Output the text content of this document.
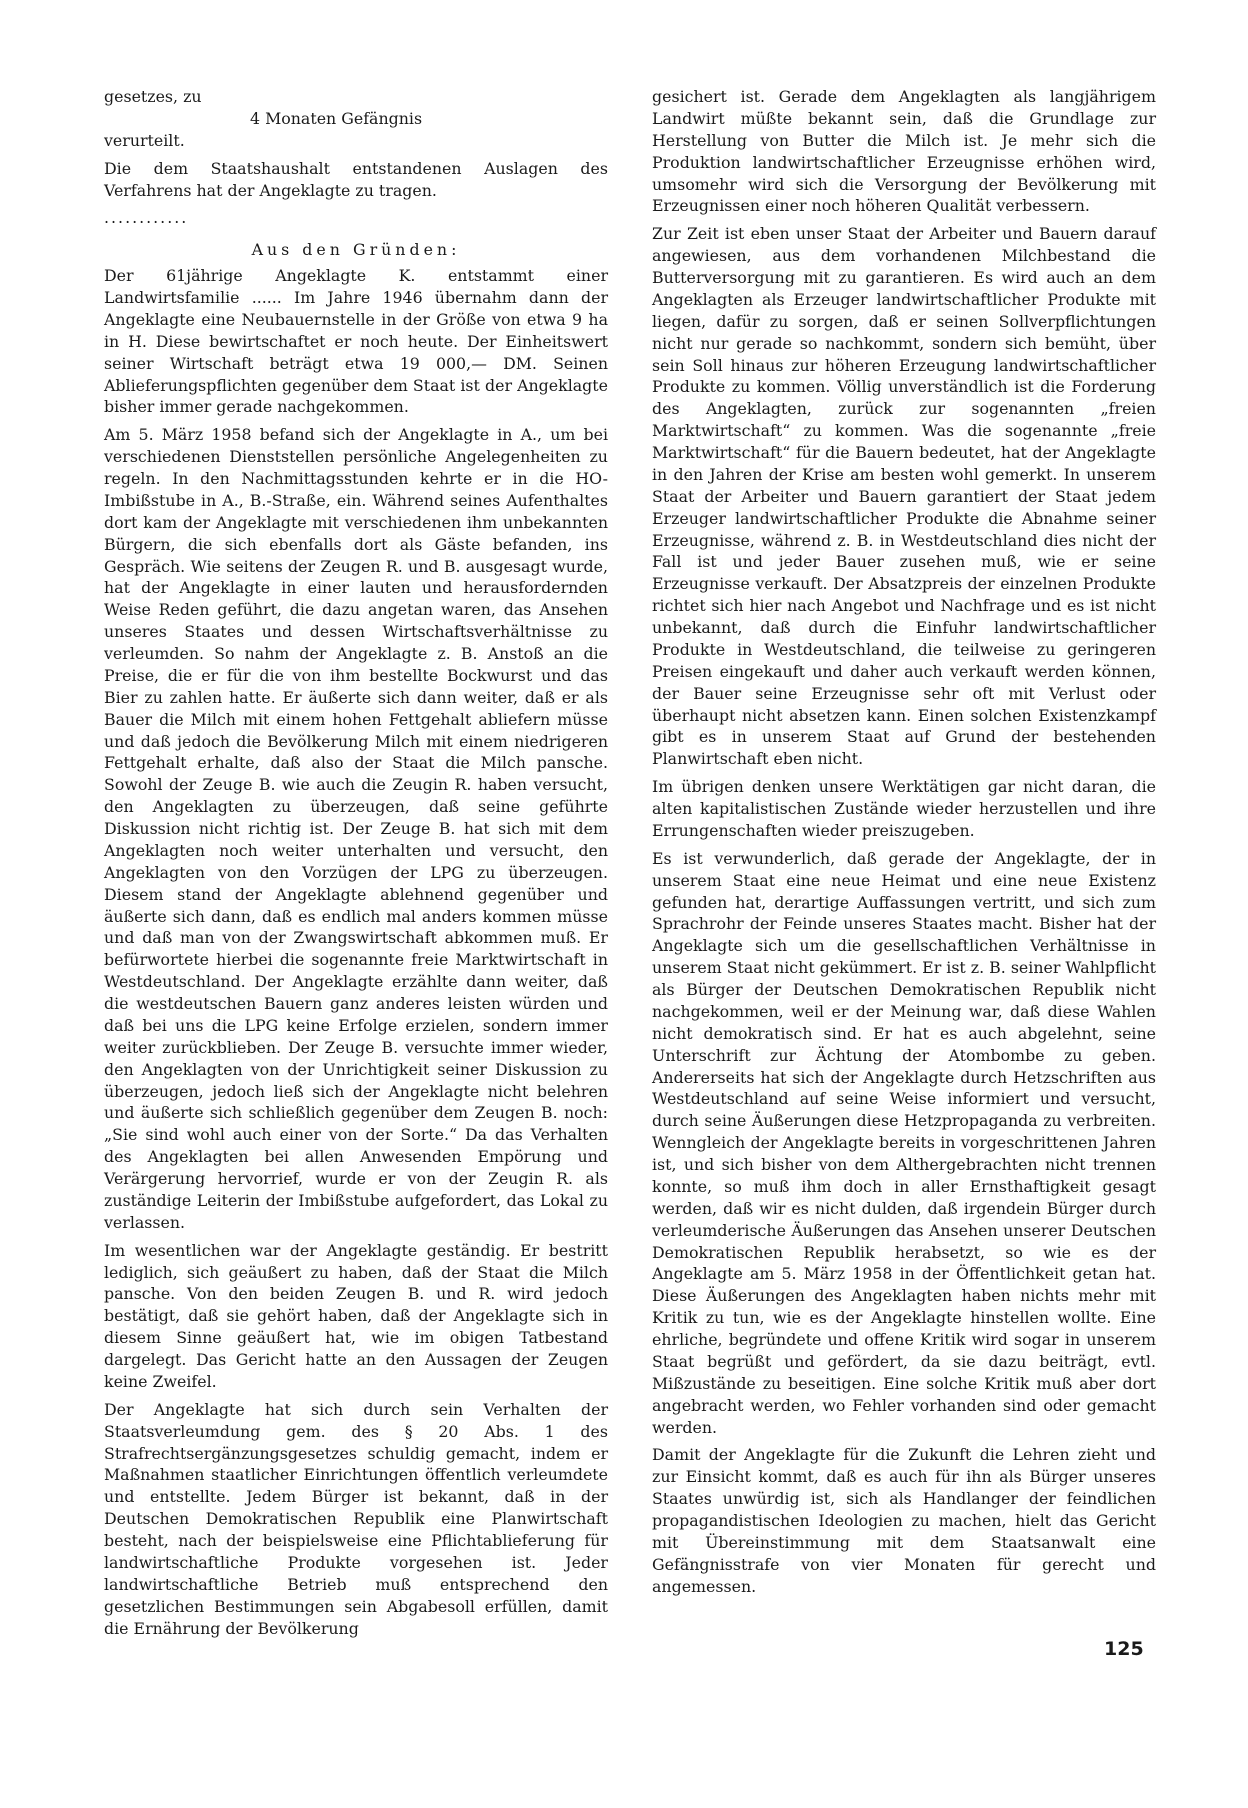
gesetzes, zu

4 Monaten Gefängnis

verurteilt.

Die dem Staatshaushalt entstandenen Auslagen des Verfahrens hat der Angeklagte zu tragen.

............

Aus den Gründen:

Der 61jährige Angeklagte K. entstammt einer Landwirtsfamilie ...... Im Jahre 1946 übernahm dann der Angeklagte eine Neubauernstelle in der Größe von etwa 9 ha in H. Diese bewirtschaftet er noch heute. Der Einheitswert seiner Wirtschaft beträgt etwa 19 000,— DM. Seinen Ablieferungspflichten gegenüber dem Staat ist der Angeklagte bisher immer gerade nachgekommen.

Am 5. März 1958 befand sich der Angeklagte in A., um bei verschiedenen Dienststellen persönliche Angelegenheiten zu regeln. In den Nachmittagsstunden kehrte er in die HO-Imbißstube in A., B.-Straße, ein. Während seines Aufenthaltes dort kam der Angeklagte mit verschiedenen ihm unbekannten Bürgern, die sich ebenfalls dort als Gäste befanden, ins Gespräch. Wie seitens der Zeugen R. und B. ausgesagt wurde, hat der Angeklagte in einer lauten und herausfordernden Weise Reden geführt, die dazu angetan waren, das Ansehen unseres Staates und dessen Wirtschaftsverhältnisse zu verleumden. So nahm der Angeklagte z. B. Anstoß an die Preise, die er für die von ihm bestellte Bockwurst und das Bier zu zahlen hatte. Er äußerte sich dann weiter, daß er als Bauer die Milch mit einem hohen Fettgehalt abliefern müsse und daß jedoch die Bevölkerung Milch mit einem niedrigeren Fettgehalt erhalte, daß also der Staat die Milch pansche. Sowohl der Zeuge B. wie auch die Zeugin R. haben versucht, den Angeklagten zu überzeugen, daß seine geführte Diskussion nicht richtig ist. Der Zeuge B. hat sich mit dem Angeklagten noch weiter unterhalten und versucht, den Angeklagten von den Vorzügen der LPG zu überzeugen. Diesem stand der Angeklagte ablehnend gegenüber und äußerte sich dann, daß es endlich mal anders kommen müsse und daß man von der Zwangswirtschaft abkommen muß. Er befürwortete hierbei die sogenannte freie Marktwirtschaft in Westdeutschland. Der Angeklagte erzählte dann weiter, daß die westdeutschen Bauern ganz anderes leisten würden und daß bei uns die LPG keine Erfolge erzielen, sondern immer weiter zurückblieben. Der Zeuge B. versuchte immer wieder, den Angeklagten von der Unrichtigkeit seiner Diskussion zu überzeugen, jedoch ließ sich der Angeklagte nicht belehren und äußerte sich schließlich gegenüber dem Zeugen B. noch: „Sie sind wohl auch einer von der Sorte.“ Da das Verhalten des Angeklagten bei allen Anwesenden Empörung und Verärgerung hervorrief, wurde er von der Zeugin R. als zuständige Leiterin der Imbißstube aufgefordert, das Lokal zu verlassen.

Im wesentlichen war der Angeklagte geständig. Er bestritt lediglich, sich geäußert zu haben, daß der Staat die Milch pansche. Von den beiden Zeugen B. und R. wird jedoch bestätigt, daß sie gehört haben, daß der Angeklagte sich in diesem Sinne geäußert hat, wie im obigen Tatbestand dargelegt. Das Gericht hatte an den Aussagen der Zeugen keine Zweifel.

Der Angeklagte hat sich durch sein Verhalten der Staatsverleumdung gem. des § 20 Abs. 1 des Strafrechtsergänzungsgesetzes schuldig gemacht, indem er Maßnahmen staatlicher Einrichtungen öffentlich verleumdete und entstellte. Jedem Bürger ist bekannt, daß in der Deutschen Demokratischen Republik eine Planwirtschaft besteht, nach der beispielsweise eine Pflichtablieferung für landwirtschaftliche Produkte vorgesehen ist. Jeder landwirtschaftliche Betrieb muß entsprechend den gesetzlichen Bestimmungen sein Abgabesoll erfüllen, damit die Ernährung der Bevölkerung

gesichert ist. Gerade dem Angeklagten als langjährigem Landwirt müßte bekannt sein, daß die Grundlage zur Herstellung von Butter die Milch ist. Je mehr sich die Produktion landwirtschaftlicher Erzeugnisse erhöhen wird, umsomehr wird sich die Versorgung der Bevölkerung mit Erzeugnissen einer noch höheren Qualität verbessern.

Zur Zeit ist eben unser Staat der Arbeiter und Bauern darauf angewiesen, aus dem vorhandenen Milchbestand die Butterversorgung mit zu garantieren. Es wird auch an dem Angeklagten als Erzeuger landwirtschaftlicher Produkte mit liegen, dafür zu sorgen, daß er seinen Sollverpflichtungen nicht nur gerade so nachkommt, sondern sich bemüht, über sein Soll hinaus zur höheren Erzeugung landwirtschaftlicher Produkte zu kommen. Völlig unverständlich ist die Forderung des Angeklagten, zurück zur sogenannten „freien Marktwirtschaft“ zu kommen. Was die sogenannte „freie Marktwirtschaft“ für die Bauern bedeutet, hat der Angeklagte in den Jahren der Krise am besten wohl gemerkt. In unserem Staat der Arbeiter und Bauern garantiert der Staat jedem Erzeuger landwirtschaftlicher Produkte die Abnahme seiner Erzeugnisse, während z. B. in Westdeutschland dies nicht der Fall ist und jeder Bauer zusehen muß, wie er seine Erzeugnisse verkauft. Der Absatzpreis der einzelnen Produkte richtet sich hier nach Angebot und Nachfrage und es ist nicht unbekannt, daß durch die Einfuhr landwirtschaftlicher Produkte in Westdeutschland, die teilweise zu geringeren Preisen eingekauft und daher auch verkauft werden können, der Bauer seine Erzeugnisse sehr oft mit Verlust oder überhaupt nicht absetzen kann. Einen solchen Existenzkampf gibt es in unserem Staat auf Grund der bestehenden Planwirtschaft eben nicht.

Im übrigen denken unsere Werktätigen gar nicht daran, die alten kapitalistischen Zustände wieder herzustellen und ihre Errungenschaften wieder preiszugeben.

Es ist verwunderlich, daß gerade der Angeklagte, der in unserem Staat eine neue Heimat und eine neue Existenz gefunden hat, derartige Auffassungen vertritt, und sich zum Sprachrohr der Feinde unseres Staates macht. Bisher hat der Angeklagte sich um die gesellschaftlichen Verhältnisse in unserem Staat nicht gekümmert. Er ist z. B. seiner Wahlpflicht als Bürger der Deutschen Demokratischen Republik nicht nachgekommen, weil er der Meinung war, daß diese Wahlen nicht demokratisch sind. Er hat es auch abgelehnt, seine Unterschrift zur Ächtung der Atombombe zu geben. Andererseits hat sich der Angeklagte durch Hetzschriften aus Westdeutschland auf seine Weise informiert und versucht, durch seine Äußerungen diese Hetzpropaganda zu verbreiten. Wenngleich der Angeklagte bereits in vorgeschrittenen Jahren ist, und sich bisher von dem Althergebrachten nicht trennen konnte, so muß ihm doch in aller Ernsthaftigkeit gesagt werden, daß wir es nicht dulden, daß irgendein Bürger durch verleumderische Äußerungen das Ansehen unserer Deutschen Demokratischen Republik herabsetzt, so wie es der Angeklagte am 5. März 1958 in der Öffentlichkeit getan hat. Diese Äußerungen des Angeklagten haben nichts mehr mit Kritik zu tun, wie es der Angeklagte hinstellen wollte. Eine ehrliche, begründete und offene Kritik wird sogar in unserem Staat begrüßt und gefördert, da sie dazu beiträgt, evtl. Mißzustände zu beseitigen. Eine solche Kritik muß aber dort angebracht werden, wo Fehler vorhanden sind oder gemacht werden.

Damit der Angeklagte für die Zukunft die Lehren zieht und zur Einsicht kommt, daß es auch für ihn als Bürger unseres Staates unwürdig ist, sich als Handlanger der feindlichen propagandistischen Ideologien zu machen, hielt das Gericht mit Übereinstimmung mit dem Staatsanwalt eine Gefängnisstrafe von vier Monaten für gerecht und angemessen.

125
